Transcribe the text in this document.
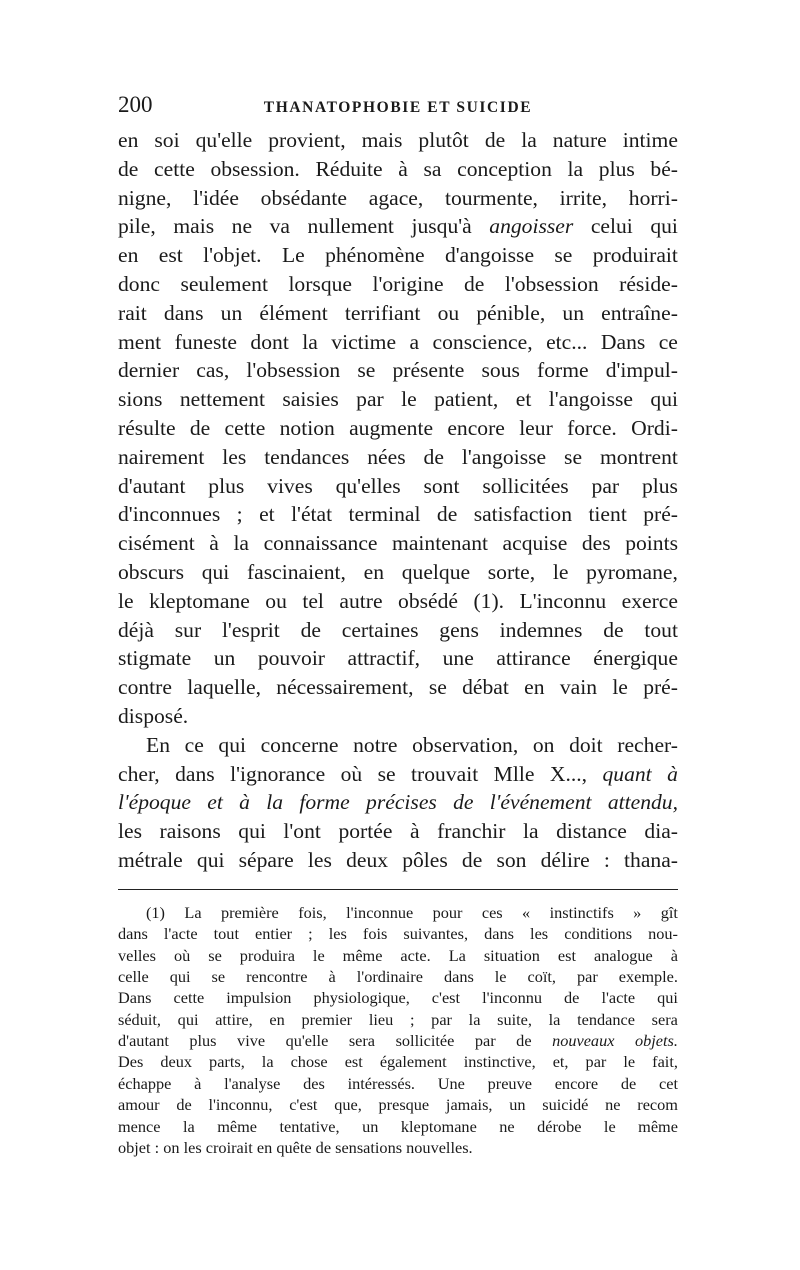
200	THANATOPHOBIE ET SUICIDE
en soi qu'elle provient, mais plutôt de la nature intime
de cette obsession. Réduite à sa conception la plus bé-
nigne, l'idée obsédante agace, tourmente, irrite, horri-
pile, mais ne va nullement jusqu'à angoisser celui qui
en est l'objet. Le phénomène d'angoisse se produirait
donc seulement lorsque l'origine de l'obsession réside-
rait dans un élément terrifiant ou pénible, un entraîne-
ment funeste dont la victime a conscience, etc... Dans ce
dernier cas, l'obsession se présente sous forme d'impul-
sions nettement saisies par le patient, et l'angoisse qui
résulte de cette notion augmente encore leur force. Ordi-
nairement les tendances nées de l'angoisse se montrent
d'autant plus vives qu'elles sont sollicitées par plus
d'inconnues ; et l'état terminal de satisfaction tient pré-
cisément à la connaissance maintenant acquise des points
obscurs qui fascinaient, en quelque sorte, le pyromane,
le kleptomane ou tel autre obsédé (1). L'inconnu exerce
déjà sur l'esprit de certaines gens indemnes de tout
stigmate un pouvoir attractif, une attirance énergique
contre laquelle, nécessairement, se débat en vain le pré-
disposé.
En ce qui concerne notre observation, on doit recher-
cher, dans l'ignorance où se trouvait Mlle X..., quant à
l'époque et à la forme précises de l'événement attendu,
les raisons qui l'ont portée à franchir la distance dia-
métrale qui sépare les deux pôles de son délire : thana-
(1) La première fois, l'inconnue pour ces « instinctifs » gît
dans l'acte tout entier ; les fois suivantes, dans les conditions nou-
velles où se produira le même acte. La situation est analogue à
celle qui se rencontre à l'ordinaire dans le coït, par exemple.
Dans cette impulsion physiologique, c'est l'inconnu de l'acte qui
séduit, qui attire, en premier lieu ; par la suite, la tendance sera
d'autant plus vive qu'elle sera sollicitée par de nouveaux objets.
Des deux parts, la chose est également instinctive, et, par le fait,
échappe à l'analyse des intéressés. Une preuve encore de cet
amour de l'inconnu, c'est que, presque jamais, un suicidé ne recom
mence la même tentative, un kleptomane ne dérobe le même
objet
:
on
les
croirait
en
quête
de
sensations
nouvelles.
